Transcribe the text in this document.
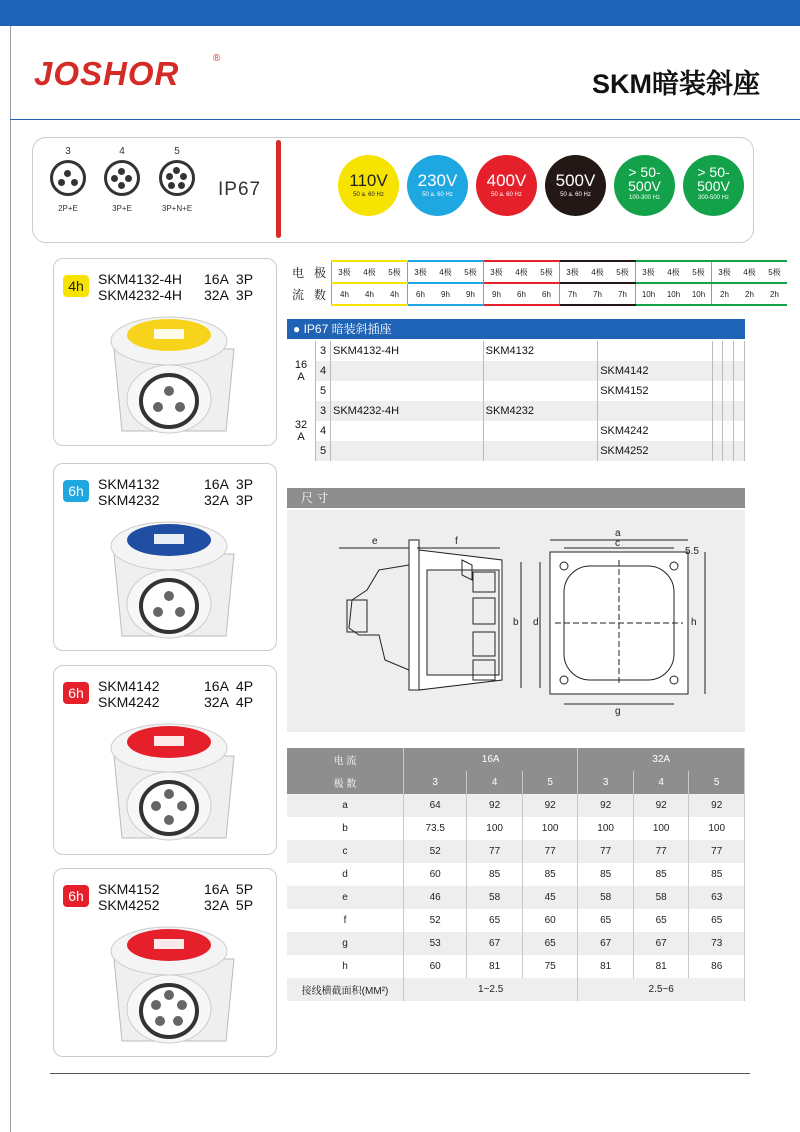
JOSHOR	®
SKM暗装斜座
3
2P+E
4
3P+E
5
3P+N+E
IP67	110V
50 a. 60 Hz
230V
50 a. 60 Hz
400V
50 a. 60 Hz
500V
50 a. 60 Hz
> 50-
500V
100-300 Hz
> 50-
500V
300-500 Hz
4h	SKM4132-4H
SKM4232-4H
16A  3P
32A  3P
6h	SKM4132
SKM4232
16A  3P
32A  3P
6h	SKM4142
SKM4242
16A  4P
32A  4P
6h	SKM4152
SKM4252
16A  5P
32A  5P
电	极	3极	4极	5极	3极	4极	5极	3极	4极	5极	3极	4极	5极	3极	4极	5极	3极	4极	5极
流	数	4h	4h	4h	6h	9h	9h	9h	6h	6h	7h	7h	7h	10h	10h	10h	2h	2h	2h
● IP67 暗装斜插座
16
A	3	SKM4132-4H	SKM4132				
	4			SKM4142			
	5			SKM4152			
32
A	3	SKM4232-4H	SKM4232				
	4			SKM4242			
	5			SKM4252			
尺 寸
e	f
b d
a
c
5.5
h
g
电 流	16A			32A		
极 数	3	4	5	3	4	5
a	64	92	92	92	92	92
b	73.5	100	100	100	100	100
c	52	77	77	77	77	77
d	60	85	85	85	85	85
e	46	58	45	58	58	63
f	52	65	60	65	65	65
g	53	67	65	67	67	73
h	60	81	75	81	81	86
接线横截面积(MM²)	1~2.5			2.5~6		
